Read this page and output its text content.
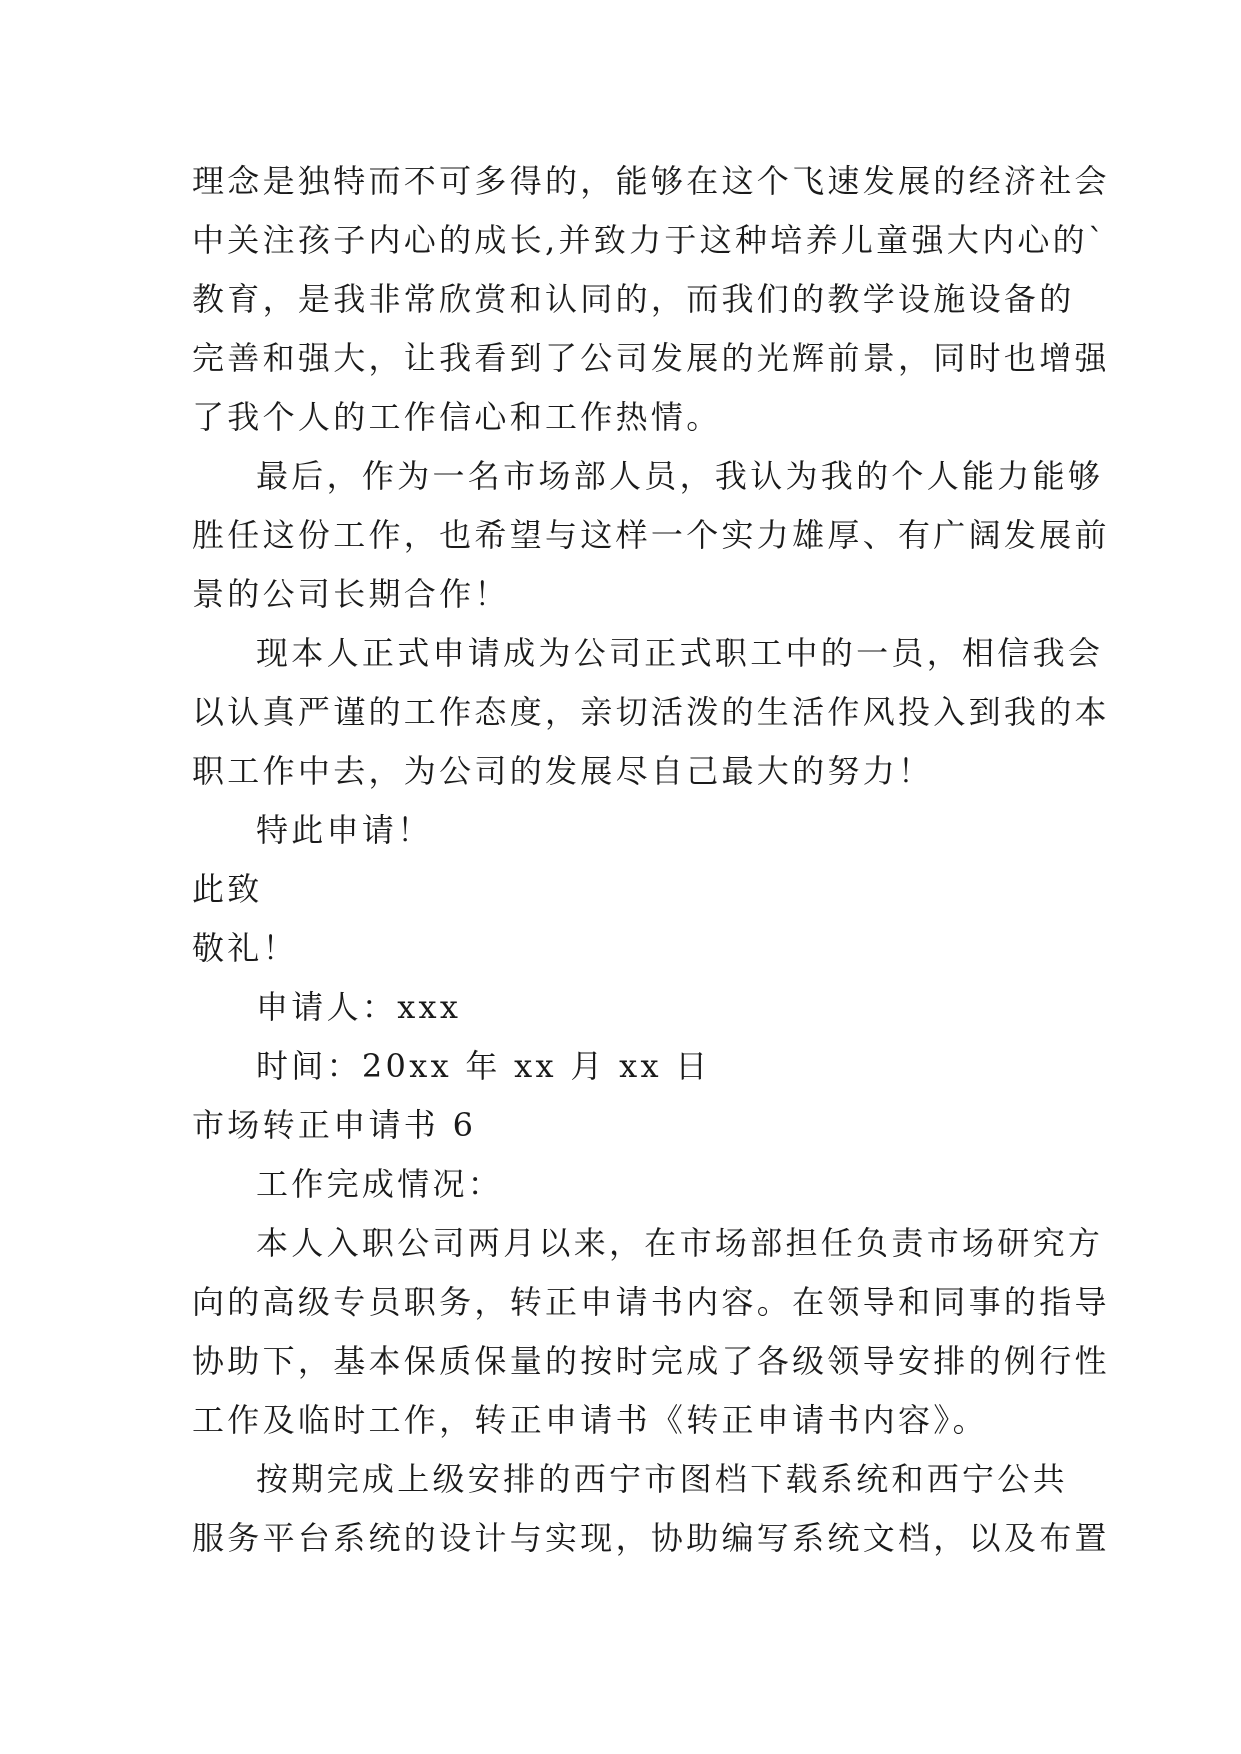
理念是独特而不可多得的，能够在这个飞速发展的经济社会
中关注孩子内心的成长,并致力于这种培养儿童强大内心的`
教育，是我非常欣赏和认同的，而我们的教学设施设备的
完善和强大，让我看到了公司发展的光辉前景，同时也增强
了我个人的工作信心和工作热情。
最后，作为一名市场部人员，我认为我的个人能力能够
胜任这份工作，也希望与这样一个实力雄厚、有广阔发展前
景的公司长期合作！
现本人正式申请成为公司正式职工中的一员，相信我会
以认真严谨的工作态度，亲切活泼的生活作风投入到我的本
职工作中去，为公司的发展尽自己最大的努力！
特此申请！
此致
敬礼！
申请人：xxx
时间：20xx 年 xx 月 xx 日
市场转正申请书 6
工作完成情况：
本人入职公司两月以来，在市场部担任负责市场研究方
向的高级专员职务，转正申请书内容。在领导和同事的指导
协助下，基本保质保量的按时完成了各级领导安排的例行性
工作及临时工作，转正申请书《转正申请书内容》。
按期完成上级安排的西宁市图档下载系统和西宁公共
服务平台系统的设计与实现，协助编写系统文档，以及布置
